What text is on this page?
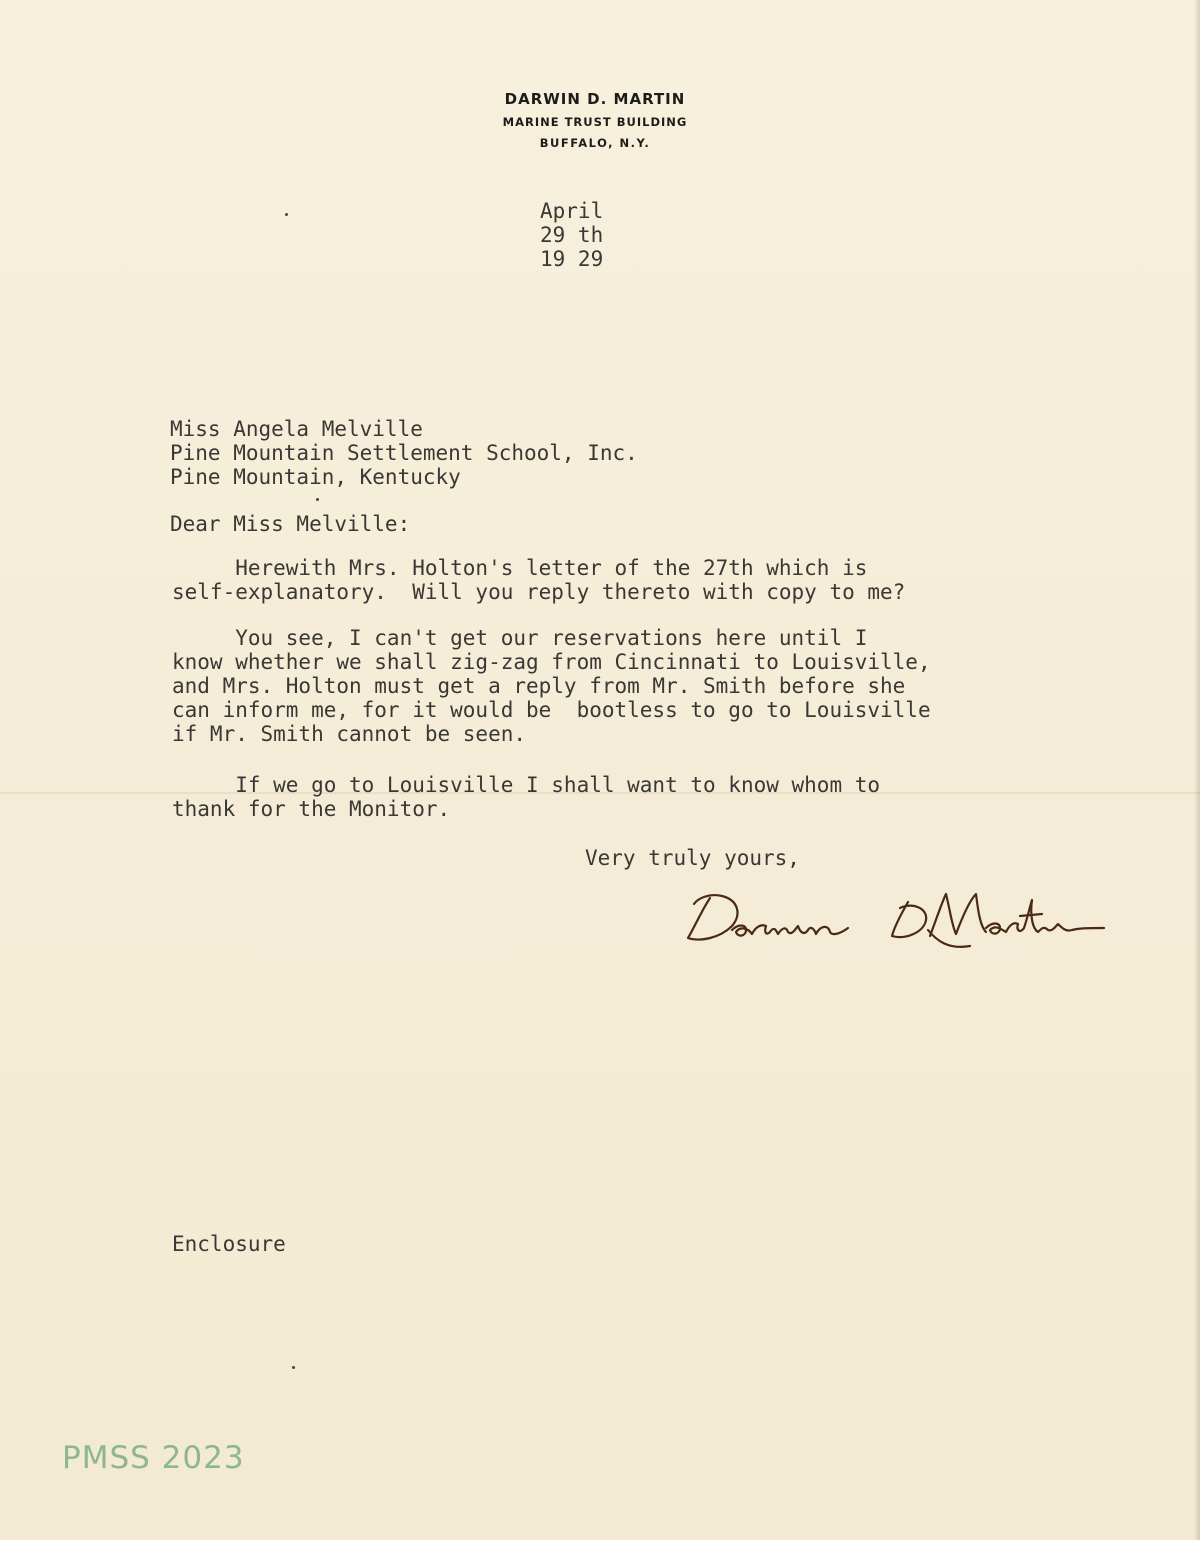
DARWIN D. MARTIN
MARINE TRUST BUILDING
BUFFALO, N.Y.
April
29 th
19 29
Miss Angela Melville
Pine Mountain Settlement School, Inc.
Pine Mountain, Kentucky
Dear Miss Melville:
Herewith Mrs. Holton's letter of the 27th which is
self-explanatory.  Will you reply thereto with copy to me?
You see, I can't get our reservations here until I
know whether we shall zig-zag from Cincinnati to Louisville,
and Mrs. Holton must get a reply from Mr. Smith before she
can inform me, for it would be  bootless to go to Louisville
if Mr. Smith cannot be seen.
If we go to Louisville I shall want to know whom to
thank for the Monitor.
Very truly yours,
Enclosure
PMSS 2023
